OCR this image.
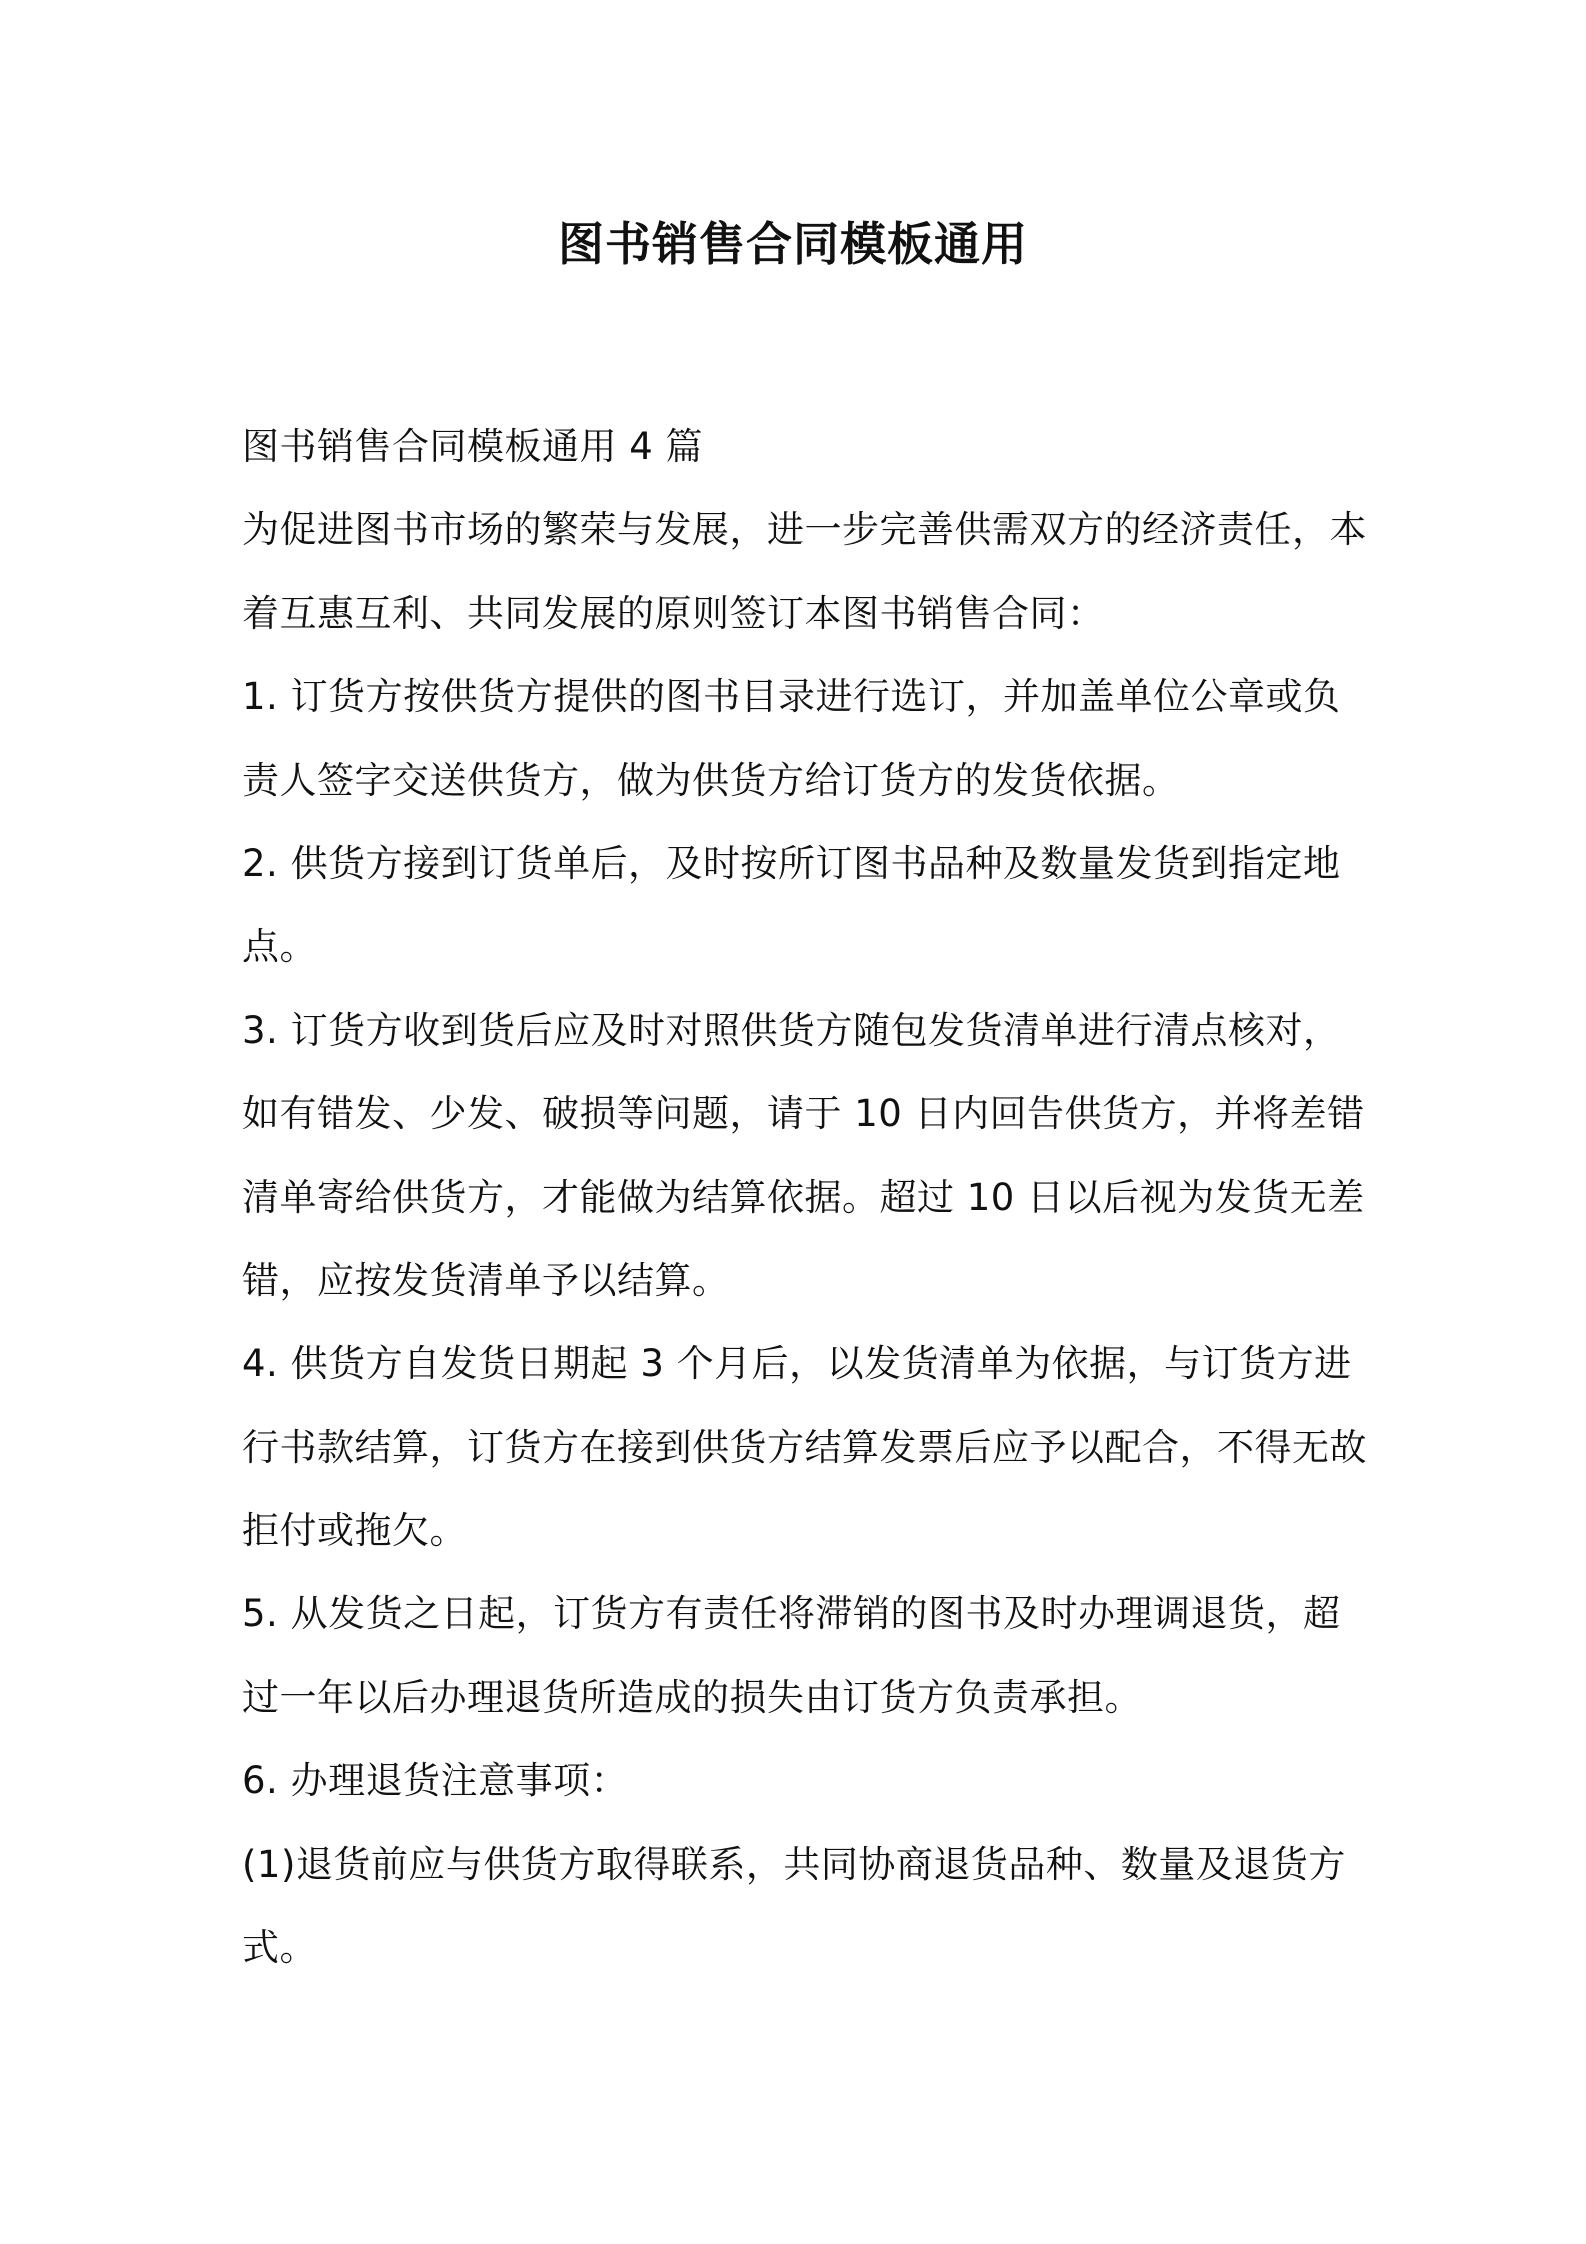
图书销售合同模板通用
图书销售合同模板通用 4 篇
为促进图书市场的繁荣与发展，进一步完善供需双方的经济责任，本
着互惠互利、共同发展的原则签订本图书销售合同：
1. 订货方按供货方提供的图书目录进行选订，并加盖单位公章或负
责人签字交送供货方，做为供货方给订货方的发货依据。
2. 供货方接到订货单后，及时按所订图书品种及数量发货到指定地
点。
3. 订货方收到货后应及时对照供货方随包发货清单进行清点核对，
如有错发、少发、破损等问题，请于 10 日内回告供货方，并将差错
清单寄给供货方，才能做为结算依据。超过 10 日以后视为发货无差
错，应按发货清单予以结算。
4. 供货方自发货日期起 3 个月后，以发货清单为依据，与订货方进
行书款结算，订货方在接到供货方结算发票后应予以配合，不得无故
拒付或拖欠。
5. 从发货之日起，订货方有责任将滞销的图书及时办理调退货，超
过一年以后办理退货所造成的损失由订货方负责承担。
6. 办理退货注意事项：
(1)退货前应与供货方取得联系，共同协商退货品种、数量及退货方
式。
